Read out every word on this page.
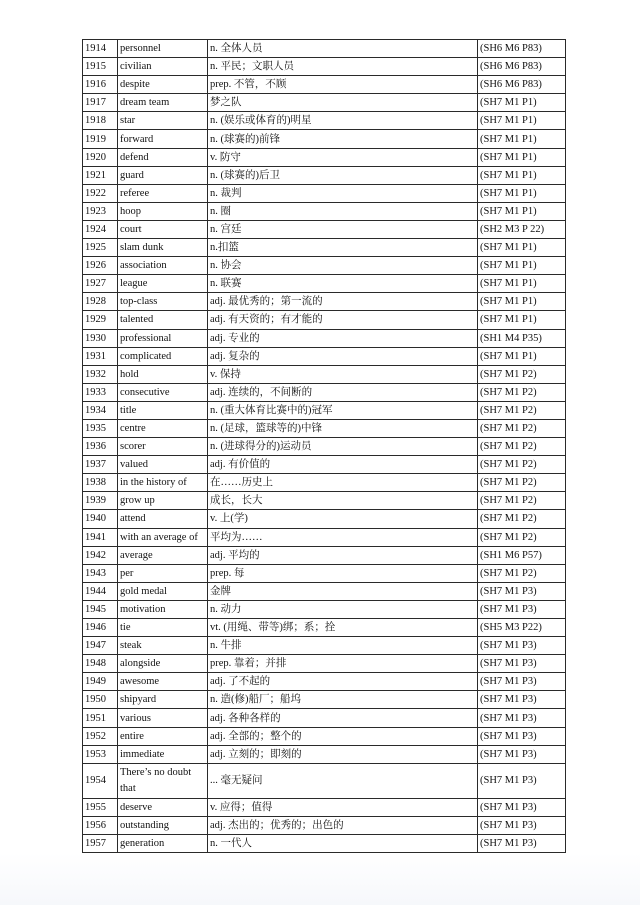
1914	personnel	n. 全体人员	(SH6 M6 P83)
1915	civilian	n. 平民；文职人员	(SH6 M6 P83)
1916	despite	prep. 不管，不顾	(SH6 M6 P83)
1917	dream team	梦之队	(SH7 M1 P1)
1918	star	n. (娱乐或体育的)明星	(SH7 M1 P1)
1919	forward	n. (球赛的)前锋	(SH7 M1 P1)
1920	defend	v. 防守	(SH7 M1 P1)
1921	guard	n. (球赛的)后卫	(SH7 M1 P1)
1922	referee	n. 裁判	(SH7 M1 P1)
1923	hoop	n. 圈	(SH7 M1 P1)
1924	court	n. 宫廷	(SH2 M3 P 22)
1925	slam dunk	n.扣篮	(SH7 M1 P1)
1926	association	n. 协会	(SH7 M1 P1)
1927	league	n. 联赛	(SH7 M1 P1)
1928	top-class	adj. 最优秀的；第一流的	(SH7 M1 P1)
1929	talented	adj. 有天资的；有才能的	(SH7 M1 P1)
1930	professional	adj. 专业的	(SH1 M4 P35)
1931	complicated	adj. 复杂的	(SH7 M1 P1)
1932	hold	v. 保持	(SH7 M1 P2)
1933	consecutive	adj. 连续的，不间断的	(SH7 M1 P2)
1934	title	n. (重大体育比赛中的)冠军	(SH7 M1 P2)
1935	centre	n. (足球，篮球等的)中锋	(SH7 M1 P2)
1936	scorer	n. (进球得分的)运动员	(SH7 M1 P2)
1937	valued	adj. 有价值的	(SH7 M1 P2)
1938	in the history of	在……历史上	(SH7 M1 P2)
1939	grow up	成长，长大	(SH7 M1 P2)
1940	attend	v. 上(学)	(SH7 M1 P2)
1941	with an average of	平均为……	(SH7 M1 P2)
1942	average	adj. 平均的	(SH1 M6 P57)
1943	per	prep. 每	(SH7 M1 P2)
1944	gold medal	金牌	(SH7 M1 P3)
1945	motivation	n. 动力	(SH7 M1 P3)
1946	tie	vt. (用绳、带等)绑；系；拴	(SH5 M3 P22)
1947	steak	n. 牛排	(SH7 M1 P3)
1948	alongside	prep. 靠着；并排	(SH7 M1 P3)
1949	awesome	adj. 了不起的	(SH7 M1 P3)
1950	shipyard	n. 造(修)船厂；船坞	(SH7 M1 P3)
1951	various	adj. 各种各样的	(SH7 M1 P3)
1952	entire	adj. 全部的；整个的	(SH7 M1 P3)
1953	immediate	adj. 立刻的；即刻的	(SH7 M1 P3)
1954	There’s no doubt that	... 毫无疑问	(SH7 M1 P3)
1955	deserve	v. 应得；值得	(SH7 M1 P3)
1956	outstanding	adj. 杰出的；优秀的；出色的	(SH7 M1 P3)
1957	generation	n. 一代人	(SH7 M1 P3)
